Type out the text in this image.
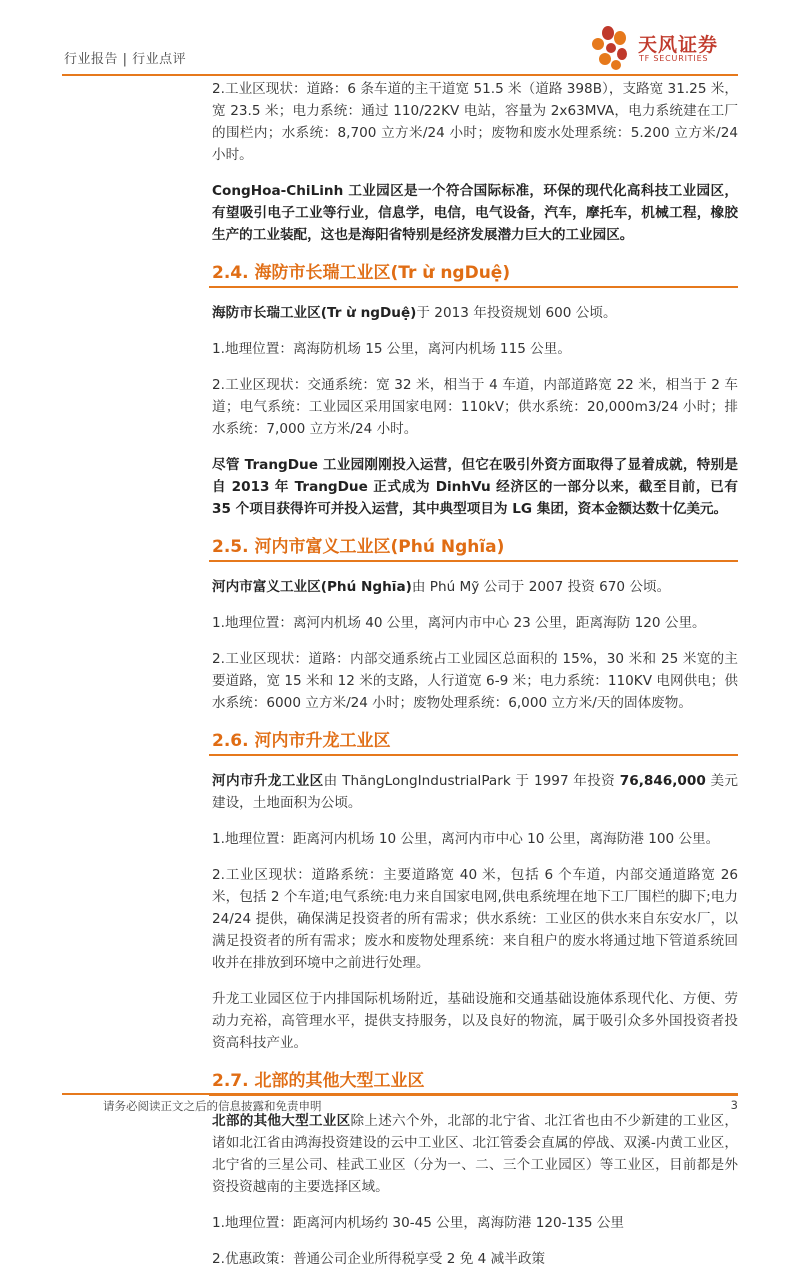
行业报告 | 行业点评
天风证券
TF SECURITIES

2.工业区现状：道路：6 条车道的主干道宽 51.5 米（道路 398B），支路宽 31.25 米，宽 23.5 米；电力系统：通过 110/22KV 电站，容量为 2x63MVA，电力系统建在工厂的围栏内；水系统：8,700 立方米/24 小时；废物和废水处理系统：5.200 立方米/24 小时。

CongHoa-ChiLinh 工业园区是一个符合国际标准，环保的现代化高科技工业园区，有望吸引电子工业等行业，信息学，电信，电气设备，汽车，摩托车，机械工程，橡胶生产的工业装配，这也是海阳省特别是经济发展潜力巨大的工业园区。

2.4. 海防市长瑞工业区(Tr ừ ngDuệ)

海防市长瑞工业区(Tr ừ ngDuệ)于 2013 年投资规划 600 公顷。

1.地理位置：离海防机场 15 公里，离河内机场 115 公里。

2.工业区现状：交通系统：宽 32 米，相当于 4 车道，内部道路宽 22 米，相当于 2 车道；电气系统：工业园区采用国家电网：110kV；供水系统：20,000m3/24 小时；排水系统：7,000 立方米/24 小时。

尽管 TrangDue 工业园刚刚投入运营，但它在吸引外资方面取得了显着成就，特别是自 2013 年 TrangDue 正式成为 DinhVu 经济区的一部分以来，截至目前，已有 35 个项目获得许可并投入运营，其中典型项目为 LG 集团，资本金额达数十亿美元。

2.5. 河内市富义工业区(Phú Nghĩa)

河内市富义工业区(Phú Nghĩa)由 Phú Mỹ 公司于 2007 投资 670 公顷。

1.地理位置：离河内机场 40 公里，离河内市中心 23 公里，距离海防 120 公里。

2.工业区现状：道路：内部交通系统占工业园区总面积的 15%，30 米和 25 米宽的主要道路，宽 15 米和 12 米的支路，人行道宽 6-9 米；电力系统：110KV 电网供电；供水系统：6000 立方米/24 小时；废物处理系统：6,000 立方米/天的固体废物。

2.6. 河内市升龙工业区

河内市升龙工业区由 ThăngLongIndustrialPark 于 1997 年投资 76,846,000 美元建设，土地面积为公顷。

1.地理位置：距离河内机场 10 公里，离河内市中心 10 公里，离海防港 100 公里。

2.工业区现状：道路系统：主要道路宽 40 米，包括 6 个车道，内部交通道路宽 26 米，包括 2 个车道;电气系统:电力来自国家电网,供电系统埋在地下工厂围栏的脚下;电力 24/24 提供，确保满足投资者的所有需求；供水系统：工业区的供水来自东安水厂，以满足投资者的所有需求；废水和废物处理系统：来自租户的废水将通过地下管道系统回收并在排放到环境中之前进行处理。

升龙工业园区位于内排国际机场附近，基础设施和交通基础设施体系现代化、方便、劳动力充裕，高管理水平，提供支持服务，以及良好的物流，属于吸引众多外国投资者投资高科技产业。

2.7. 北部的其他大型工业区

北部的其他大型工业区除上述六个外，北部的北宁省、北江省也由不少新建的工业区，诸如北江省由鸿海投资建设的云中工业区、北江管委会直属的停战、双溪-内黄工业区，北宁省的三星公司、桂武工业区（分为一、二、三个工业园区）等工业区，目前都是外资投资越南的主要选择区域。

1.地理位置：距离河内机场约 30-45 公里，离海防港 120-135 公里

2.优惠政策：普通公司企业所得税享受 2 免 4 减半政策

请务必阅读正文之后的信息披露和免责申明	3
